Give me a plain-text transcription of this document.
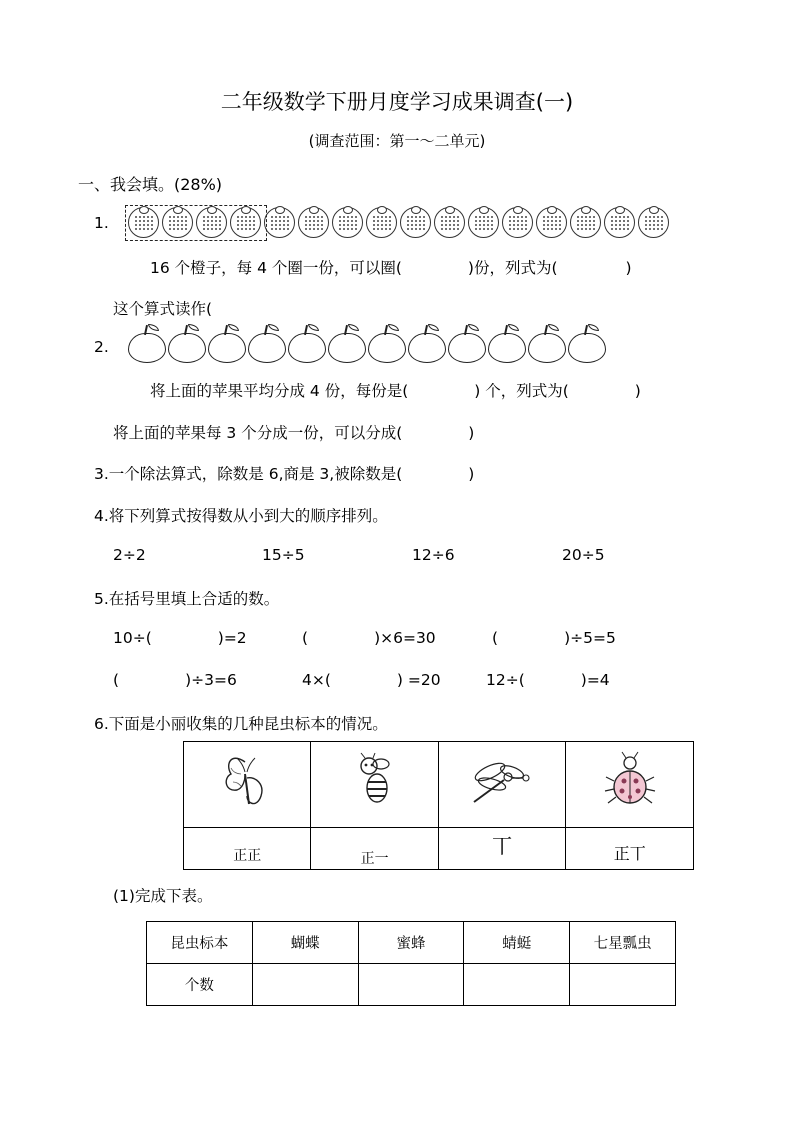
二年级数学下册月度学习成果调查(一)
(调查范围：第一～二单元)
一、我会填。(28%)
1.
16 个橙子，每 4 个圈一份，可以圈(	)份，列式为(	)
这个算式读作(
2.
将上面的苹果平均分成 4 份，每份是(	) 个，列式为(	)
将上面的苹果每 3 个分成一份，可以分成(	)
3.一个除法算式，除数是 6,商是 3,被除数是(	)
4.将下列算式按得数从小到大的顺序排列。
2÷2	15÷5	12÷6	20÷5
5.在括号里填上合适的数。
10÷(	)=2	(	)×6=30	(	)÷5=5
(	)÷3=6	4×(	) =20	12÷(	)=4
6.下面是小丽收集的几种昆虫标本的情况。

正正	正一	丅	正丅
(1)完成下表。
昆虫标本	蝴蝶	蜜蜂	蜻蜓	七星瓢虫
个数				
